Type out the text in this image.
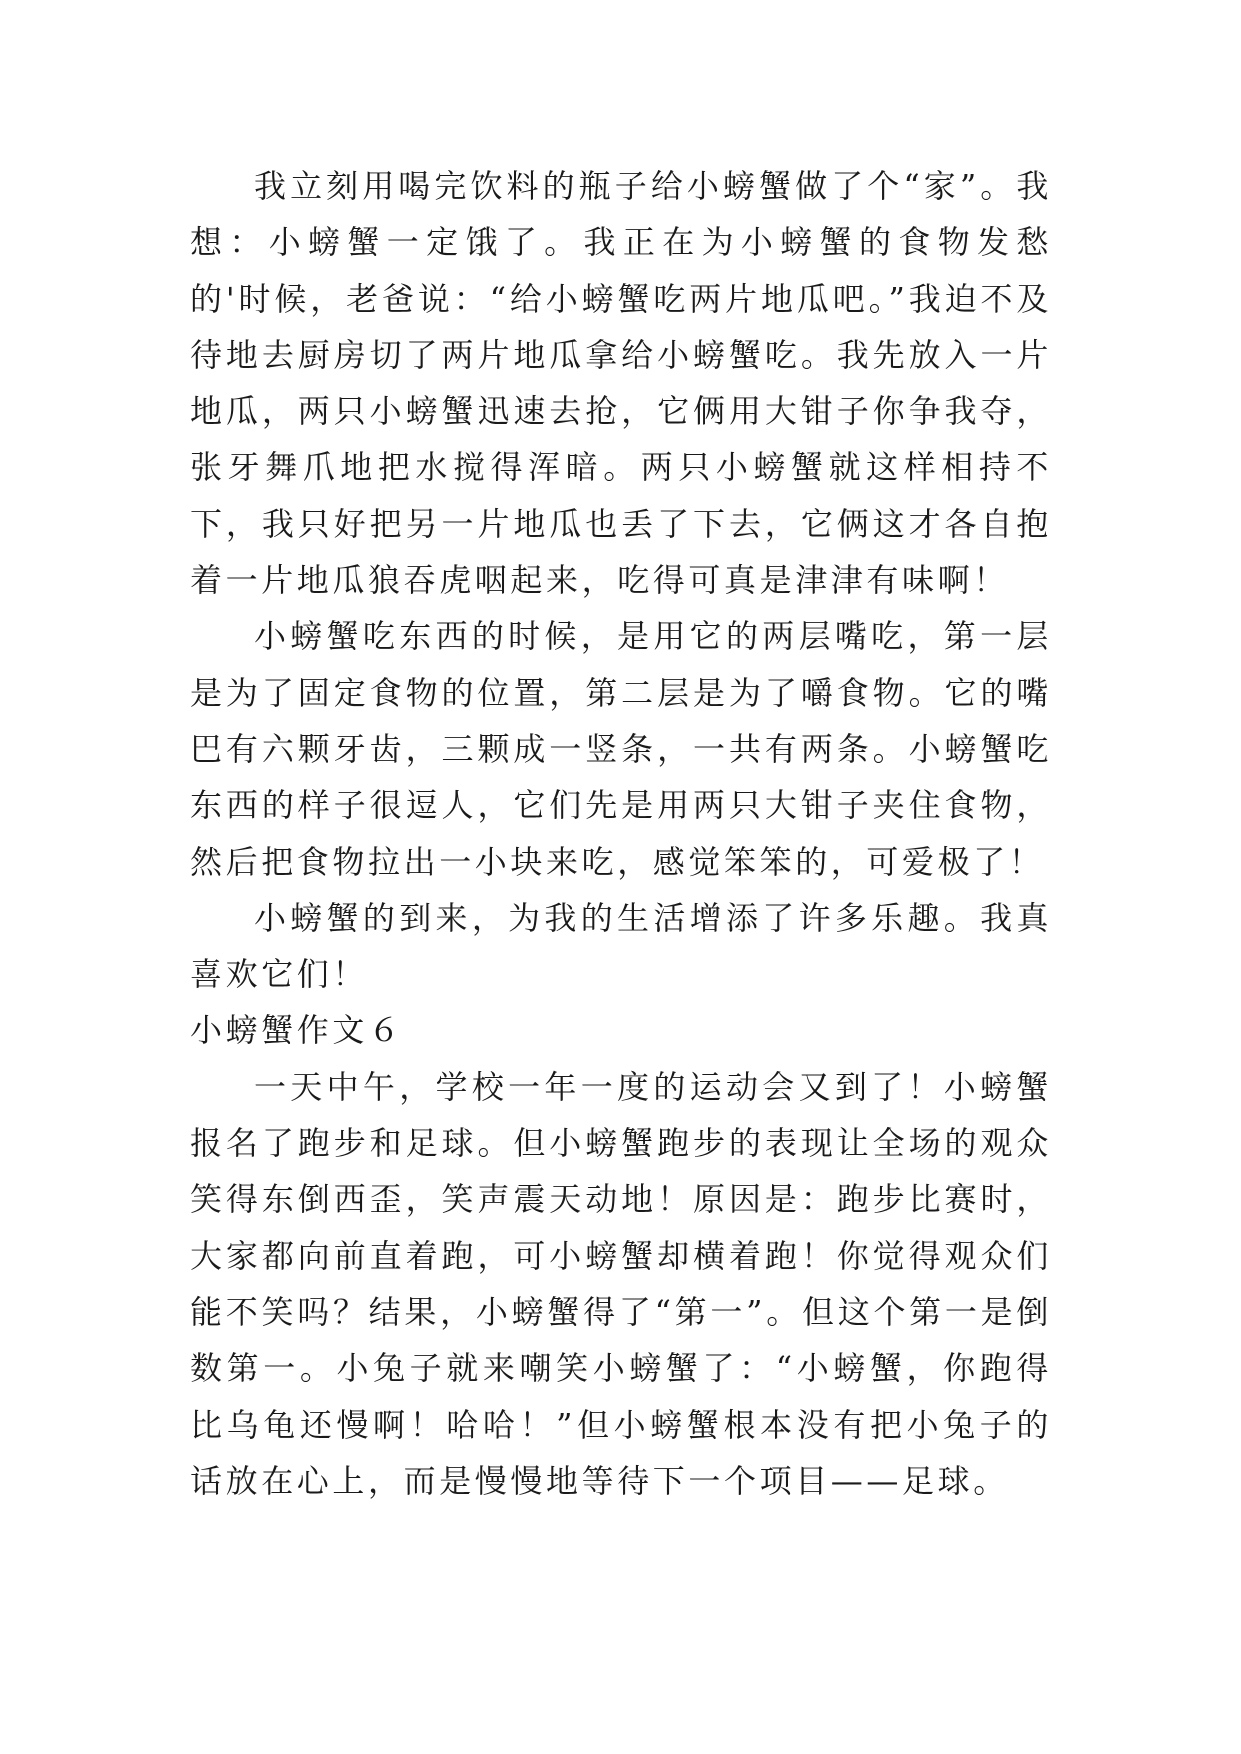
我立刻用喝完饮料的瓶子给小螃蟹做了个“家”。我想：小螃蟹一定饿了。我正在为小螃蟹的食物发愁的'时候，老爸说：“给小螃蟹吃两片地瓜吧。”我迫不及待地去厨房切了两片地瓜拿给小螃蟹吃。我先放入一片地瓜，两只小螃蟹迅速去抢，它俩用大钳子你争我夺，张牙舞爪地把水搅得浑暗。两只小螃蟹就这样相持不下，我只好把另一片地瓜也丢了下去，它俩这才各自抱着一片地瓜狼吞虎咽起来，吃得可真是津津有味啊！

小螃蟹吃东西的时候，是用它的两层嘴吃，第一层是为了固定食物的位置，第二层是为了嚼食物。它的嘴巴有六颗牙齿，三颗成一竖条，一共有两条。小螃蟹吃东西的样子很逗人，它们先是用两只大钳子夹住食物，然后把食物拉出一小块来吃，感觉笨笨的，可爱极了！

小螃蟹的到来，为我的生活增添了许多乐趣。我真喜欢它们！

小螃蟹作文６

一天中午，学校一年一度的运动会又到了！小螃蟹报名了跑步和足球。但小螃蟹跑步的表现让全场的观众笑得东倒西歪，笑声震天动地！原因是：跑步比赛时，大家都向前直着跑，可小螃蟹却横着跑！你觉得观众们能不笑吗？结果，小螃蟹得了“第一”。但这个第一是倒数第一。小兔子就来嘲笑小螃蟹了：“小螃蟹，你跑得比乌龟还慢啊！哈哈！”但小螃蟹根本没有把小兔子的话放在心上，而是慢慢地等待下一个项目——足球。
